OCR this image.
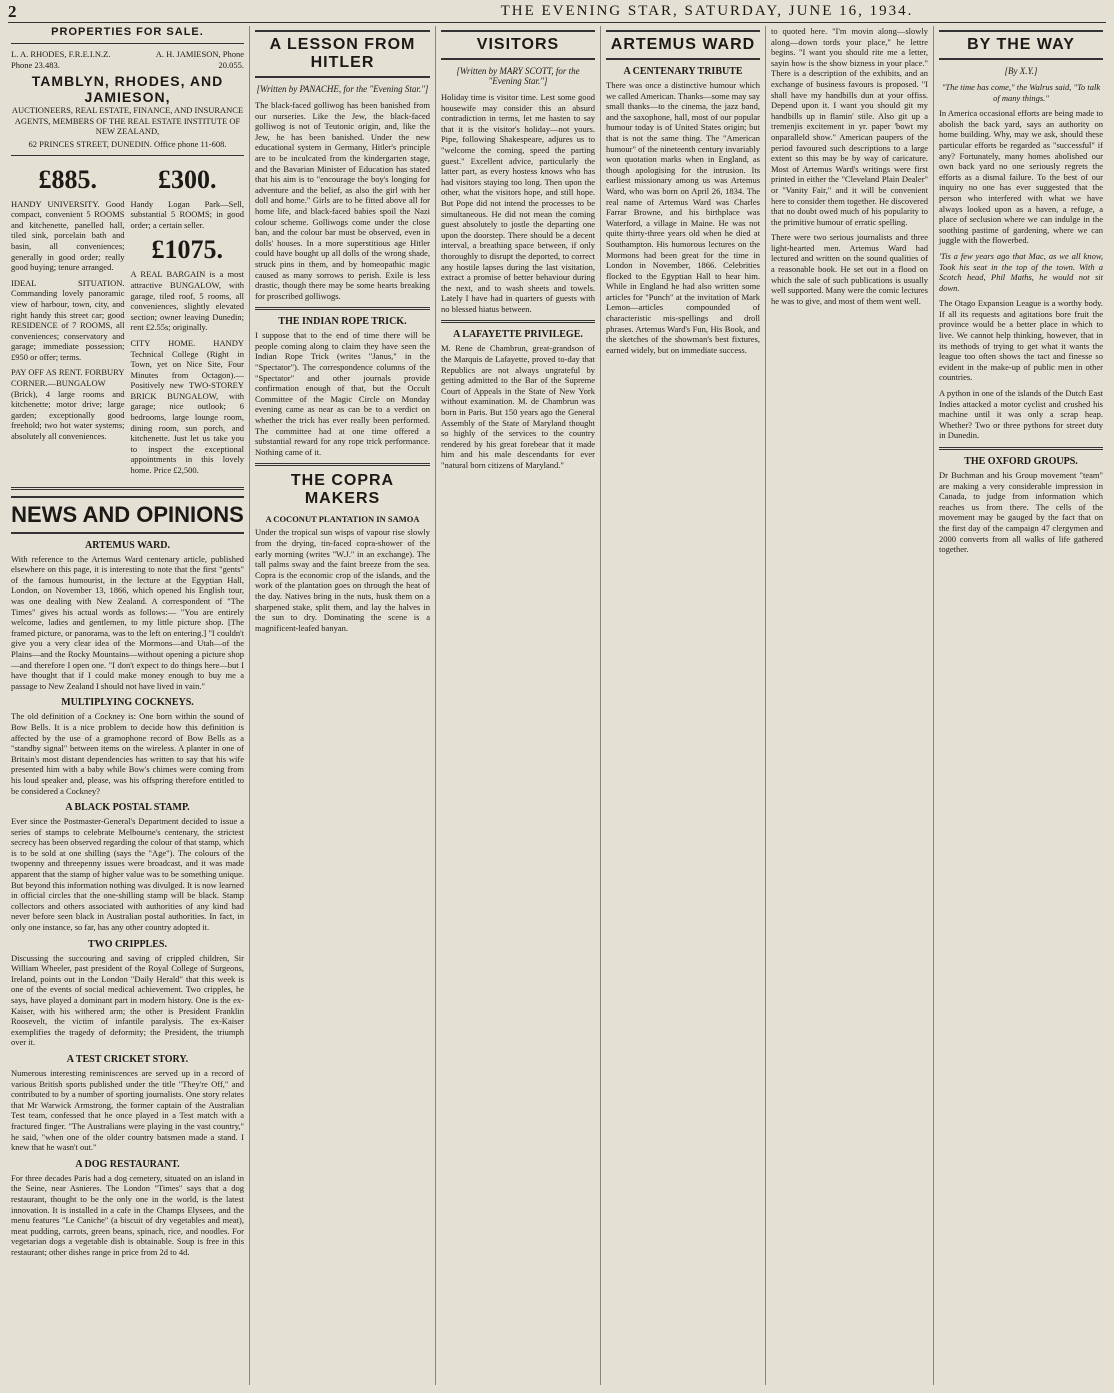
2	THE EVENING STAR, SATURDAY, JUNE 16, 1934.
PROPERTIES FOR SALE.
L. A. RHODES, F.R.E.I.N.Z. Phone 23.483.
A. H. JAMIESON, Phone 20.055.
TAMBLYN, RHODES, AND JAMIESON,
AUCTIONEERS, REAL ESTATE, FINANCE, AND INSURANCE AGENTS, MEMBERS OF THE REAL ESTATE INSTITUTE OF NEW ZEALAND,
62 PRINCES STREET, DUNEDIN. Office phone 11-608.
£885.

HANDY UNIVERSITY. Good compact, convenient 5 ROOMS and kitchenette, panelled hall, tiled sink, porcelain bath and basin, all conveniences; generally in good order; really good buying; tenure arranged.

IDEAL SITUATION. Commanding lovely panoramic view of harbour, town, city, and right handy this street car; good RESIDENCE of 7 ROOMS, all conveniences; conservatory and garage; immediate possession; £950 or offer; terms.

PAY OFF AS RENT. FORBURY CORNER.—BUNGALOW (Brick), 4 large rooms and kitchenette; motor drive; large garden; exceptionally good freehold; two hot water systems; absolutely all conveniences.

£300.

Handy Logan Park—Sell, substantial 5 ROOMS; in good order; a certain seller.

£1075.

A REAL BARGAIN is a most attractive BUNGALOW, with garage, tiled roof, 5 rooms, all conveniences, slightly elevated section; owner leaving Dunedin; rent £2.55s; originally.

CITY HOME. HANDY Technical College (Right in Town, yet on Nice Site, Four Minutes from Octagon).—Positively new TWO-STOREY BRICK BUNGALOW, with garage; nice outlook; 6 bedrooms, large lounge room, dining room, sun porch, and kitchenette. Just let us take you to inspect the exceptional appointments in this lovely home. Price £2,500.

NEWS AND OPINIONS
ARTEMUS WARD.

With reference to the Artemus Ward centenary article, published elsewhere on this page, it is interesting to note that the first "gents" of the famous humourist, in the lecture at the Egyptian Hall, London, on November 13, 1866, which opened his English tour, was one dealing with New Zealand. A correspondent of "The Times" gives his actual words as follows:— "You are entirely welcome, ladies and gentlemen, to my little picture shop. [The framed picture, or panorama, was to the left on entering.] "I couldn't give you a very clear idea of the Mormons—and Utah—of the Plains—and the Rocky Mountains—without opening a picture shop—and therefore I open one. "I don't expect to do things here—but I have thought that if I could make money enough to buy me a passage to New Zealand I should not have lived in vain."

MULTIPLYING COCKNEYS.

The old definition of a Cockney is: One born within the sound of Bow Bells. It is a nice problem to decide how this definition is affected by the use of a gramophone record of Bow Bells as a "standby signal" between items on the wireless. A planter in one of Britain's most distant dependencies has written to say that his wife presented him with a baby while Bow's chimes were coming from his loud speaker and, please, was his offspring therefore entitled to be considered a Cockney?

A BLACK POSTAL STAMP.

Ever since the Postmaster-General's Department decided to issue a series of stamps to celebrate Melbourne's centenary, the strictest secrecy has been observed regarding the colour of that stamp, which is to be sold at one shilling (says the "Age"). The colours of the twopenny and threepenny issues were broadcast, and it was made apparent that the stamp of higher value was to be something unique. But beyond this information nothing was divulged. It is now learned in official circles that the one-shilling stamp will be black. Stamp collectors and others associated with authorities of any kind had never before seen black in Australian postal authorities. In fact, in only one instance, so far, has any other country adopted it.

TWO CRIPPLES.

Discussing the succouring and saving of crippled children, Sir William Wheeler, past president of the Royal College of Surgeons, Ireland, points out in the London "Daily Herald" that this week is one of the events of social medical achievement. Two cripples, he says, have played a dominant part in modern history. One is the ex-Kaiser, with his withered arm; the other is President Franklin Roosevelt, the victim of infantile paralysis. The ex-Kaiser exemplifies the tragedy of deformity; the President, the triumph over it.

A TEST CRICKET STORY.

Numerous interesting reminiscences are served up in a record of various British sports published under the title "They're Off," and contributed to by a number of sporting journalists. One story relates that Mr Warwick Armstrong, the former captain of the Australian Test team, confessed that he once played in a Test match with a fractured finger. "The Australians were playing in the vast country," he said, "when one of the older country batsmen made a stand. I knew that he wasn't out."

A DOG RESTAURANT.

For three decades Paris had a dog cemetery, situated on an island in the Seine, near Asnieres. The London "Times" says that a dog restaurant, thought to be the only one in the world, is the latest innovation. It is installed in a cafe in the Champs Elysees, and the menu features "Le Caniche" (a biscuit of dry vegetables and meat), meat pudding, carrots, green beans, spinach, rice, and noodles. For vegetarian dogs a vegetable dish is obtainable. Soup is free in this restaurant; other dishes range in price from 2d to 4d.

A LESSON FROM HITLER
[Written by PANACHE, for the "Evening Star."]

The black-faced golliwog has been banished from our nurseries. Like the Jew, the black-faced golliwog is not of Teutonic origin, and, like the Jew, he has been banished. Under the new educational system in Germany, Hitler's principle are to be inculcated from the kindergarten stage, and the Bavarian Minister of Education has stated that his aim is to "encourage the boy's longing for adventure and the belief, as also the girl with her doll and home." Girls are to be fitted above all for home life, and black-faced babies spoil the Nazi colour scheme. Golliwogs come under the close ban, and the colour bar must be observed, even in dolls' houses. In a more superstitious age Hitler could have bought up all dolls of the wrong shade, struck pins in them, and by homeopathic magic caused as many sorrows to perish. Exile is less drastic, though there may be some hearts breaking for proscribed golliwogs.

THE INDIAN ROPE TRICK.

I suppose that to the end of time there will be people coming along to claim they have seen the Indian Rope Trick (writes "Janus," in the "Spectator"). The correspondence columns of the "Spectator" and other journals provide confirmation enough of that, but the Occult Committee of the Magic Circle on Monday evening came as near as can be to a verdict on whether the trick has ever really been performed. The committee had at one time offered a substantial reward for any rope trick performance. Nothing came of it.

THE COPRA MAKERS
A COCONUT PLANTATION IN SAMOA

Under the tropical sun wisps of vapour rise slowly from the drying, tin-faced copra-shower of the early morning (writes "W.J." in an exchange). The tall palms sway and the faint breeze from the sea. Copra is the economic crop of the islands, and the work of the plantation goes on through the heat of the day. Natives bring in the nuts, husk them on a sharpened stake, split them, and lay the halves in the sun to dry. Dominating the scene is a magnificent-leafed banyan.

VISITORS
[Written by MARY SCOTT, for the "Evening Star."]

Holiday time is visitor time. Lest some good housewife may consider this an absurd contradiction in terms, let me hasten to say that it is the visitor's holiday—not yours. Pipe, following Shakespeare, adjures us to "welcome the coming, speed the parting guest." Excellent advice, particularly the latter part, as every hostess knows who has had visitors staying too long. Then upon the other, what the visitors hope, and still hope. But Pope did not intend the processes to be simultaneous. He did not mean the coming guest absolutely to jostle the departing one upon the doorstep. There should be a decent interval, a breathing space between, if only thoroughly to disrupt the deported, to correct any hostile lapses during the last visitation, extract a promise of better behaviour during the next, and to wash sheets and towels. Lately I have had in quarters of guests with no blessed hiatus between.

A LAFAYETTE PRIVILEGE.

M. Rene de Chambrun, great-grandson of the Marquis de Lafayette, proved to-day that Republics are not always ungrateful by getting admitted to the Bar of the Supreme Court of Appeals in the State of New York without examination. M. de Chambrun was born in Paris. But 150 years ago the General Assembly of the State of Maryland thought so highly of the services to the country rendered by his great forebear that it made him and his male descendants for ever "natural born citizens of Maryland."

ARTEMUS WARD
A CENTENARY TRIBUTE

There was once a distinctive humour which we called American. Thanks—some may say small thanks—to the cinema, the jazz band, and the saxophone, hall, most of our popular humour today is of United States origin; but that is not the same thing. The "American humour" of the nineteenth century invariably won quotation marks when in England, as though apologising for the intrusion. Its earliest missionary among us was Artemus Ward, who was born on April 26, 1834. The real name of Artemus Ward was Charles Farrar Browne, and his birthplace was Waterford, a village in Maine. He was not quite thirty-three years old when he died at Southampton. His humorous lectures on the Mormons had been great for the time in London in November, 1866. Celebrities flocked to the Egyptian Hall to hear him. While in England he had also written some articles for "Punch" at the invitation of Mark Lemon—articles compounded of characteristic mis-spellings and droll phrases. Artemus Ward's Fun, His Book, and the sketches of the showman's best fixtures, earned widely, but on immediate success.

to quoted here. "I'm movin along—slowly along—down tords your place," he lettre begins. "I want you should rite me a letter, sayin how is the show bizness in your place." There is a description of the exhibits, and an exchange of business favours is proposed. "I shall have my handbills dun at your offiss. Depend upon it. I want you should git my handbills up in flamin' stile. Also git up a tremenjis excitement in yr. paper 'bowt my onparalleld show." American paupers of the period favoured such descriptions to a large extent so this may be by way of caricature. Most of Artemus Ward's writings were first printed in either the "Cleveland Plain Dealer" or "Vanity Fair," and it will be convenient here to consider them together. He discovered that no doubt owed much of his popularity to the primitive humour of erratic spelling.

There were two serious journalists and three light-hearted men. Artemus Ward had lectured and written on the sound qualities of a reasonable book. He set out in a flood on which the sale of such publications is usually well supported. Many were the comic lectures he was to give, and most of them went well.

BY THE WAY
[By X.Y.]

"The time has come," the Walrus said, "To talk of many things."

In America occasional efforts are being made to abolish the back yard, says an authority on home building. Why, may we ask, should these particular efforts be regarded as "successful" if any? Fortunately, many homes abolished our own back yard no one seriously regrets the efforts as a dismal failure. To the best of our inquiry no one has ever suggested that the person who interfered with what we have always looked upon as a haven, a refuge, a place of seclusion where we can indulge in the soothing pastime of gardening, where we can juggle with the flowerbed.

'Tis a few years ago that Mac, as we all know, Took his seat in the top of the town. With a Scotch head, Phil Maths, he would not sit down.

The Otago Expansion League is a worthy body. If all its requests and agitations bore fruit the province would be a better place in which to live. We cannot help thinking, however, that in its methods of trying to get what it wants the league too often shows the tact and finesse so evident in the make-up of public men in other countries.

A python in one of the islands of the Dutch East Indies attacked a motor cyclist and crushed his machine until it was only a scrap heap. Whether? Two or three pythons for street duty in Dunedin.

THE OXFORD GROUPS.

Dr Buchman and his Group movement "team" are making a very considerable impression in Canada, to judge from information which reaches us from there. The cells of the movement may be gauged by the fact that on the first day of the campaign 47 clergymen and 2000 converts from all walks of life gathered together.
